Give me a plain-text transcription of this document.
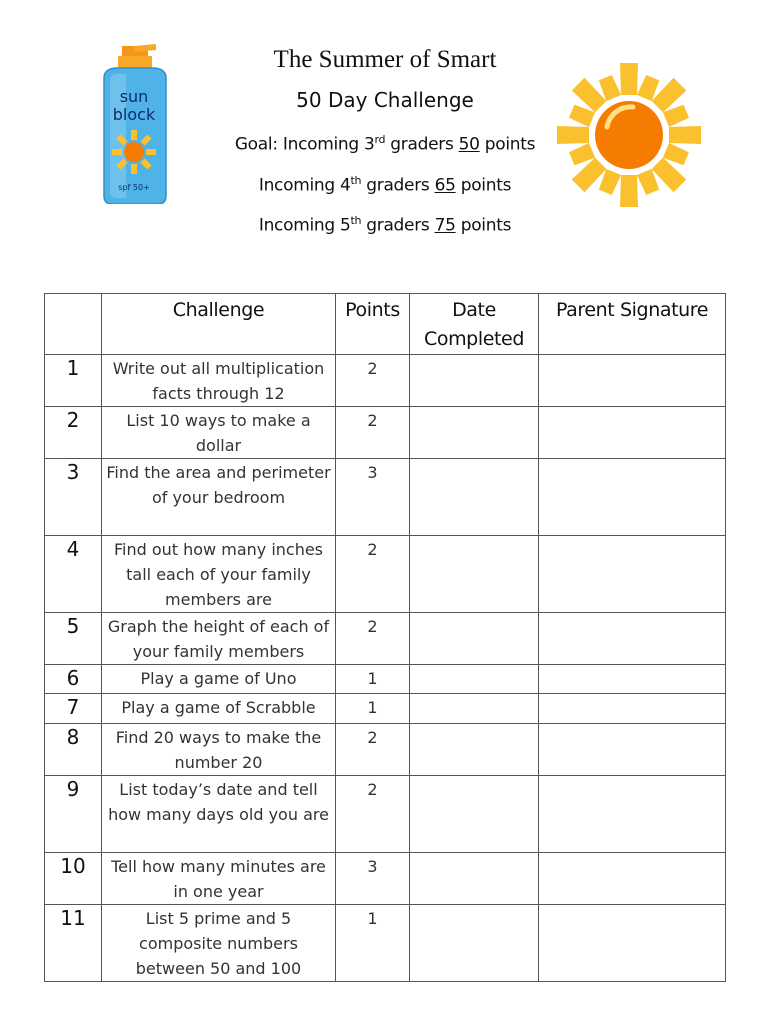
sun
block
spf 50+
The Summer of Smart
50 Day Challenge
Goal: Incoming 3rd graders 50 points
Incoming 4th graders 65 points
Incoming 5th graders 75 points
	Challenge	Points	Date Completed	Parent Signature
1	Write out all multiplication facts through 12	2		
2	List 10 ways to make a dollar	2		
3	Find the area and perimeter of your bedroom	3		
4	Find out how many inches tall each of your family members are	2		
5	Graph the height of each of your family members	2		
6	Play a game of Uno	1		
7	Play a game of Scrabble	1		
8	Find 20 ways to make the number 20	2		
9	List today’s date and tell how many days old you are	2		
10	Tell how many minutes are in one year	3		
11	List 5 prime and 5 composite numbers between 50 and 100	1		
